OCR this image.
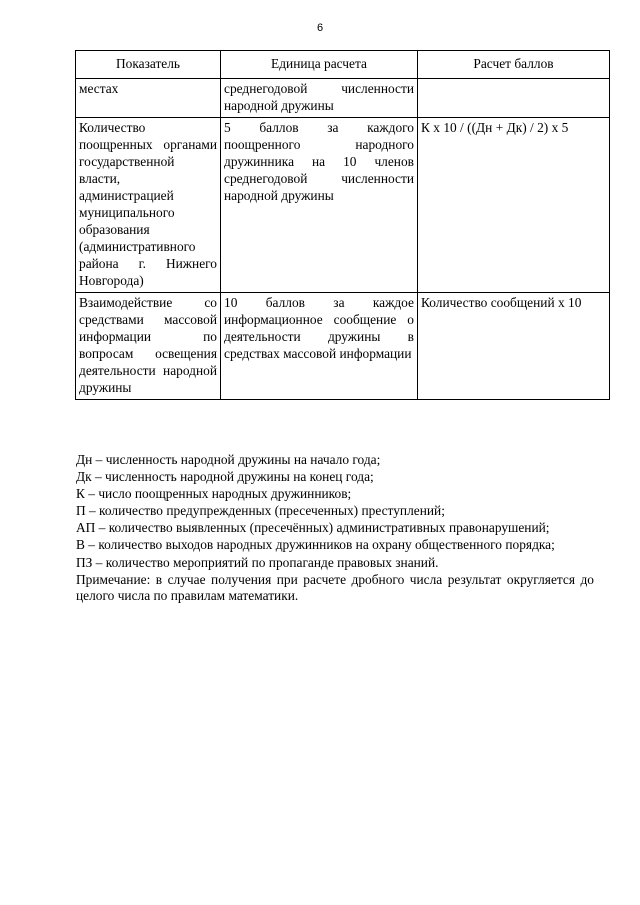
6
Показатель	Единица расчета	Расчет баллов
местах	среднегодовой численности народной дружины	
Количество поощренных органами государственной власти, администрацией муниципального образования (административного района г. Нижнего Новгорода)	5 баллов за каждого поощренного народного дружинника на 10 членов среднегодовой численности народной дружины	К х 10 / ((Дн + Дк) / 2) х 5
Взаимодействие со средствами массовой информации по вопросам освещения деятельности народной дружины	10 баллов за каждое информационное сообщение о деятельности дружины в средствах массовой информации	Количество сообщений х 10

Дн – численность народной дружины на начало года;

Дк – численность народной дружины на конец года;

К – число поощренных народных дружинников;

П – количество предупрежденных (пресеченных) преступлений;

АП – количество выявленных (пресечённых) административных правонарушений;

В – количество выходов народных дружинников на охрану общественного порядка;

ПЗ – количество мероприятий по пропаганде правовых знаний.

Примечание: в случае получения при расчете дробного числа результат округляется до целого числа по правилам математики.
